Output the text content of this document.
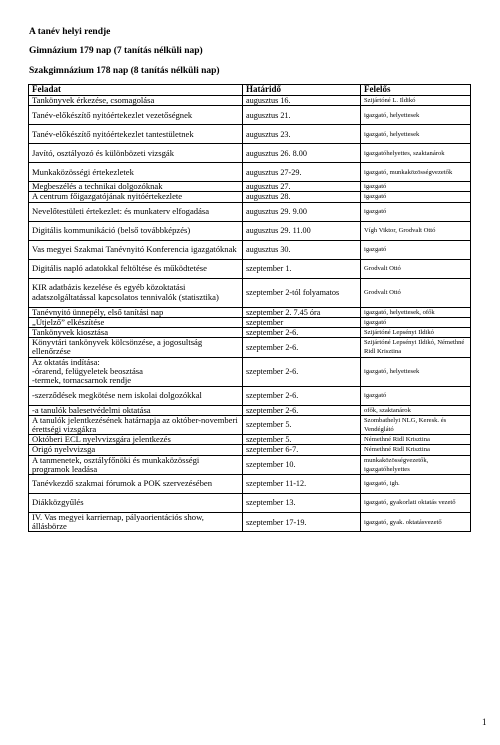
A tanév helyi rendje
Gimnázium 179 nap (7 tanítás nélküli nap)
Szakgimnázium 178 nap (8 tanítás nélküli nap)
Feladat	Határidő	Felelős
Tankönyvek érkezése, csomagolása	augusztus 16.	Szijártóné L. Ildikó
Tanév-előkészítő nyitóértekezlet vezetőségnek	augusztus 21.	igazgató, helyettesek
Tanév-előkészítő nyitóértekezlet tantestületnek	augusztus 23.	igazgató, helyettesek
Javító, osztályozó és különbözeti vizsgák	augusztus 26. 8.00	igazgatóhelyettes, szaktanárok
Munkaközösségi értekezletek	augusztus 27-29.	igazgató, munkaközösségvezetők
Megbeszélés a technikai dolgozóknak	augusztus 27.	igazgató
A centrum főigazgatójának nyitóértekezlete	augusztus 28.	igazgató
Nevelőtestületi értekezlet: és munkaterv elfogadása	augusztus 29. 9.00	igazgató
Digitális kommunikáció (belső továbbképzés)	augusztus 29. 11.00	Vígh Viktor, Grodvalt Ottó
Vas megyei Szakmai Tanévnyitó Konferencia igazgatóknak	augusztus 30.	igazgató
Digitális napló adatokkal feltöltése és működtetése	szeptember 1.	Grodvalt Ottó
KIR adatbázis kezelése és egyéb közoktatási adatszolgáltatással kapcsolatos tennivalók (statisztika)	szeptember 2-tól folyamatos	Grodvalt Ottó
Tanévnyitó ünnepély, első tanítási nap	szeptember 2. 7.45 óra	igazgató, helyettesek, ofők
„Útjelző” elkészítése	szeptember	igazgató
Tankönyvek kiosztása	szeptember 2-6.	Szijártóné Lepsényi Ildikó
Könyvtári tankönyvek kölcsönzése, a jogosultság ellenőrzése	szeptember 2-6.	Szijártóné Lepsényi Ildikó, Némethné Ridl Krisztina
Az oktatás indítása:
-órarend, felügyeletek beosztása
-termek, tornacsarnok rendje	szeptember 2-6.	igazgató, helyettesek
-szerződések megkötése nem iskolai dolgozókkal	szeptember 2-6.	igazgató
-a tanulók balesetvédelmi oktatása	szeptember 2-6.	ofők, szaktanárok
A tanulók jelentkezésének határnapja az október-novemberi érettségi vizsgákra	szeptember 5.	Szombathelyi NLG, Keresk. és Vendéglátó
Októberi ECL nyelvvizsgára jelentkezés	szeptember 5.	Némethné Ridl Krisztina
Origó nyelvvizsga	szeptember 6-7.	Némethné Ridl Krisztina
A tanmenetek, osztályfőnöki és munkaközösségi programok leadása	szeptember 10.	munkaközösségvezetők, igazgatóhelyettes
Tanévkezdő szakmai fórumok a POK szervezésében	szeptember 11-12.	igazgató, igh.
Diákközgyűlés	szeptember 13.	igazgató, gyakorlati oktatás vezető
IV. Vas megyei karriernap, pályaorientációs show, állásbörze	szeptember 17-19.	igazgató, gyak. oktatásvezető
1
